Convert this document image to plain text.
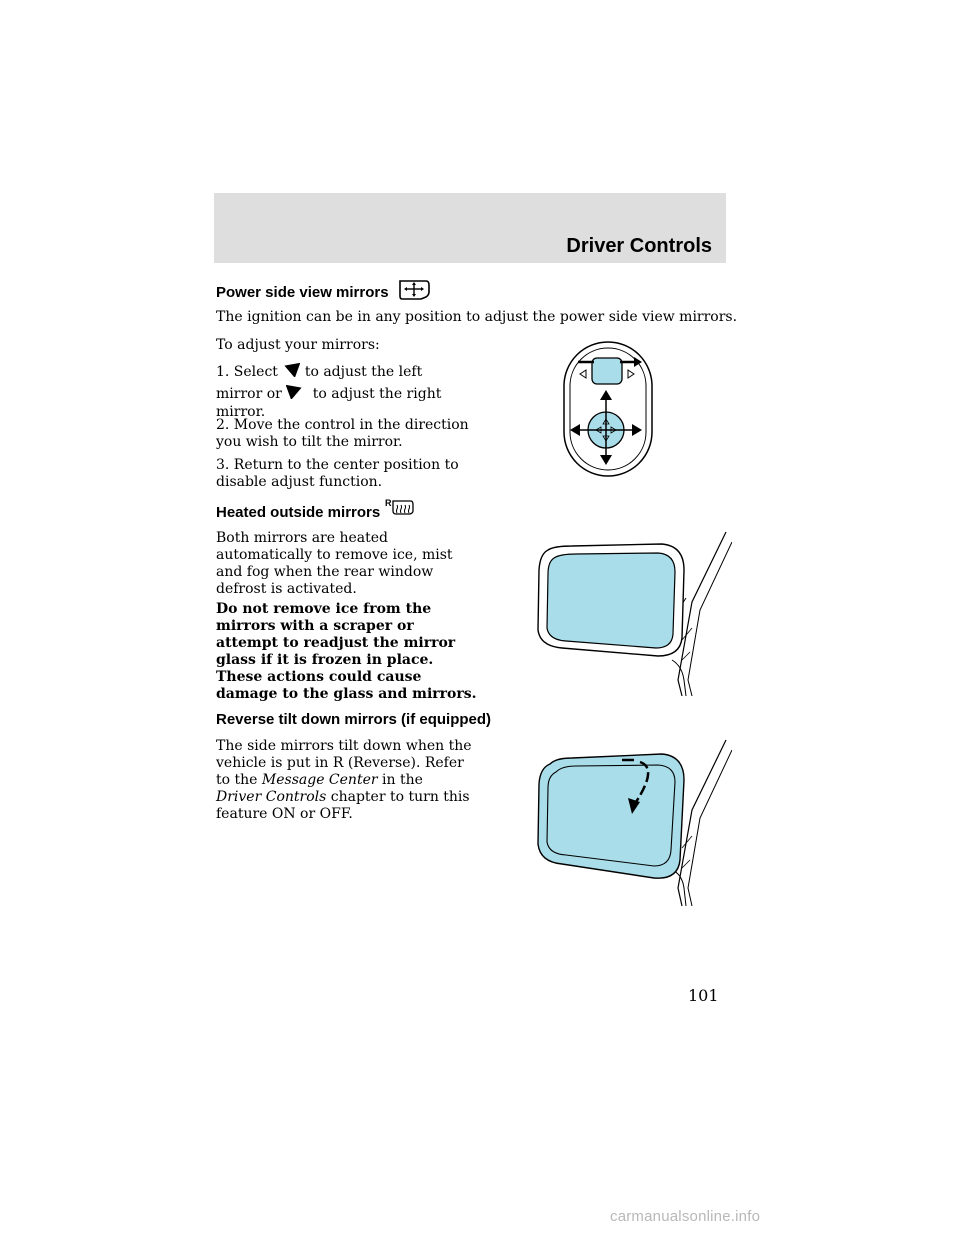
Driver Controls

Power side view mirrors

The ignition can be in any position to adjust the power side view mirrors.

To adjust your mirrors:

1. Select to adjust the left

mirror or to adjust the right

mirror.

2. Move the control in the direction
you wish to tilt the mirror.

3. Return to the center position to
disable adjust function.

Heated outside mirrors
R

Both mirrors are heated
automatically to remove ice, mist
and fog when the rear window
defrost is activated.

Do not remove ice from the
mirrors with a scraper or
attempt to readjust the mirror
glass if it is frozen in place.
These actions could cause
damage to the glass and mirrors.

Reverse tilt down mirrors (if equipped)

The side mirrors tilt down when the
vehicle is put in R (Reverse). Refer
to the Message Center in the
Driver Controls chapter to turn this
feature ON or OFF.

101
carmanualsonline.info
